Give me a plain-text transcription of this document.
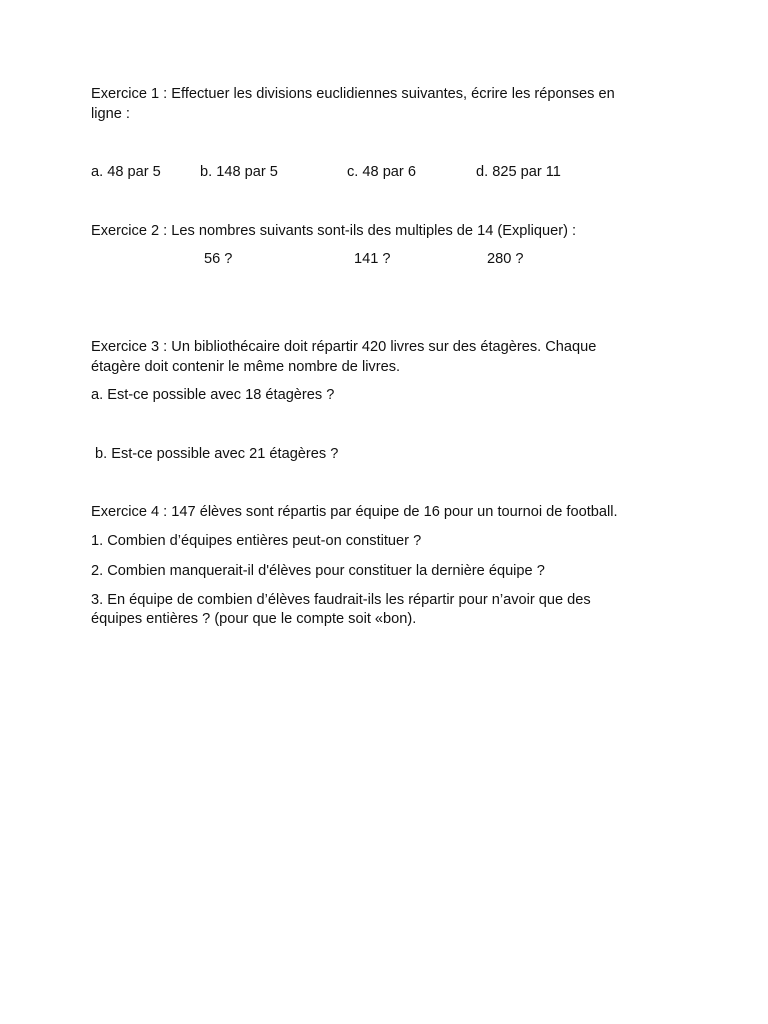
Exercice 1 : Effectuer les divisions euclidiennes suivantes, écrire les réponses en
ligne :
a. 48 par 5	b. 148 par 5	c. 48 par 6	d. 825 par 11
Exercice 2 : Les nombres suivants sont-ils des multiples de 14 (Expliquer) :
56 ?	141 ?	280 ?
Exercice 3 : Un bibliothécaire doit répartir 420 livres sur des étagères. Chaque
étagère doit contenir le même nombre de livres.
a. Est-ce possible avec 18 étagères ?
b. Est-ce possible avec 21 étagères ?
Exercice 4 : 147 élèves sont répartis par équipe de 16 pour un tournoi de football.
1. Combien d’équipes entières peut-on constituer ?
2. Combien manquerait-il d'élèves pour constituer la dernière équipe ?
3. En équipe de combien d’élèves faudrait-ils les répartir pour n’avoir que des
équipes entières ? (pour que le compte soit «bon).
